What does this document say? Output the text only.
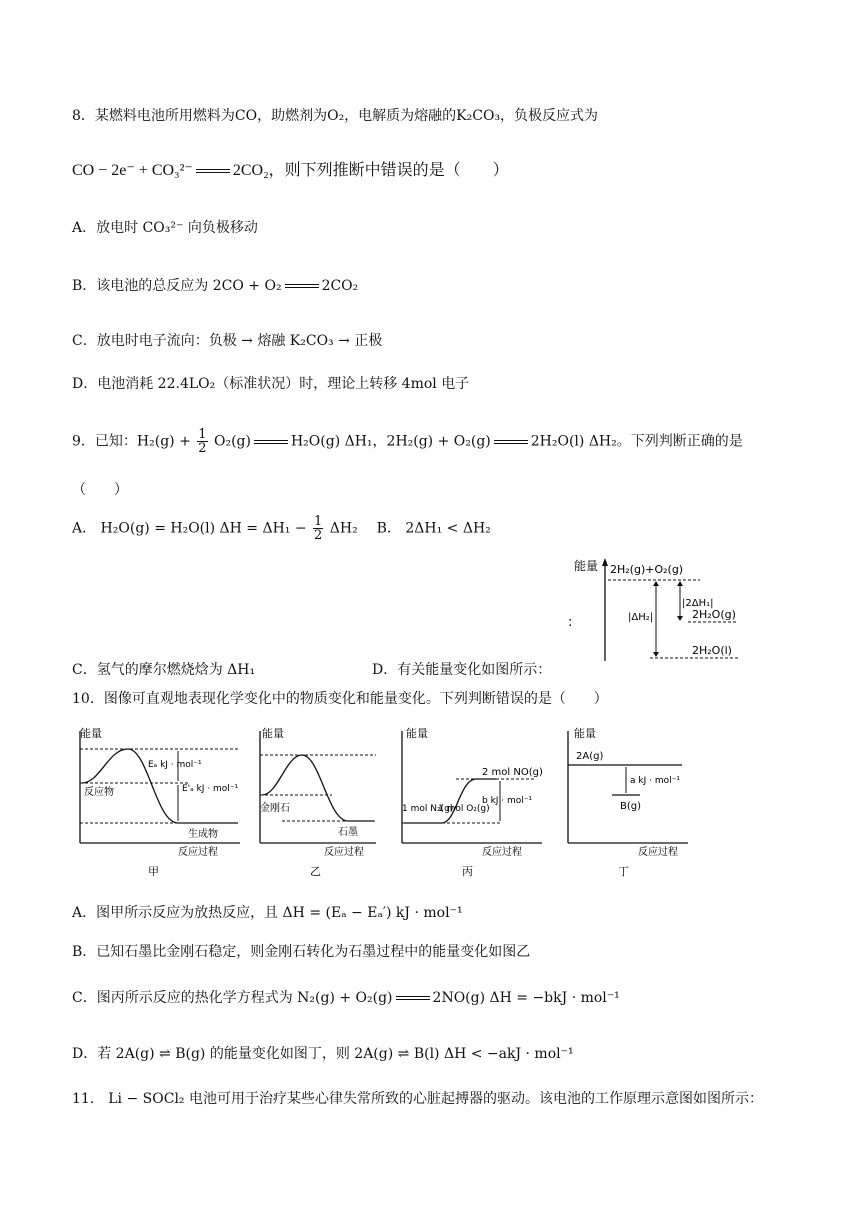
8．某燃料电池所用燃料为CO，助燃剂为O₂，电解质为熔融的K₂CO₃，负极反应式为
CO − 2e⁻ + CO₃²⁻	2CO₂，则下列推断中错误的是（　　）
A．放电时 CO₃²⁻ 向负极移动
B．该电池的总反应为 2CO + O₂	2CO₂
C．放电时电子流向：负极 → 熔融 K₂CO₃ → 正极
D．电池消耗 22.4LO₂（标准状况）时，理论上转移 4mol 电子
9．已知：$H_2(g) + \frac{1}{2} O_2(g)$	H₂O(g) ΔH₁，2H₂(g) + O₂(g)	2H₂O(l) ΔH₂。下列判断正确的是
（　　）
A． H₂O(g) = H₂O(l) $\Delta H = \Delta H_1 - \frac{1}{2} \Delta H_2$ B． 2ΔH₁ < ΔH₂
能量 2H₂(g)+O₂(g)
2H₂O(g)
2H₂O(l)
|2ΔH₁|
|ΔH₂|
:
C．氢气的摩尔燃烧焓为 ΔH₁	D．有关能量变化如图所示：
10．图像可直观地表现化学变化中的物质变化和能量变化。下列判断错误的是（　　）
能量
反应物
生成物
Eₐ kJ · mol⁻¹
E'ₐ kJ · mol⁻¹
反应过程
甲
能量
金刚石
石墨
反应过程
乙
能量
1 mol N₂(g)
1 mol O₂(g)
2 mol NO(g)
b kJ · mol⁻¹
反应过程
丙
能量
2A(g)
B(g)
a kJ · mol⁻¹
反应过程
丁
A．图甲所示反应为放热反应，且 ΔH = (Eₐ − Eₐ′) kJ · mol⁻¹
B．已知石墨比金刚石稳定，则金刚石转化为石墨过程中的能量变化如图乙
C．图丙所示反应的热化学方程式为 N₂(g) + O₂(g)	2NO(g) ΔH = −bkJ · mol⁻¹
D．若 2A(g) ⇌ B(g) 的能量变化如图丁，则 2A(g) ⇌ B(l) ΔH < −akJ · mol⁻¹
11． Li − SOCl₂ 电池可用于治疗某些心律失常所致的心脏起搏器的驱动。该电池的工作原理示意图如图所示：
